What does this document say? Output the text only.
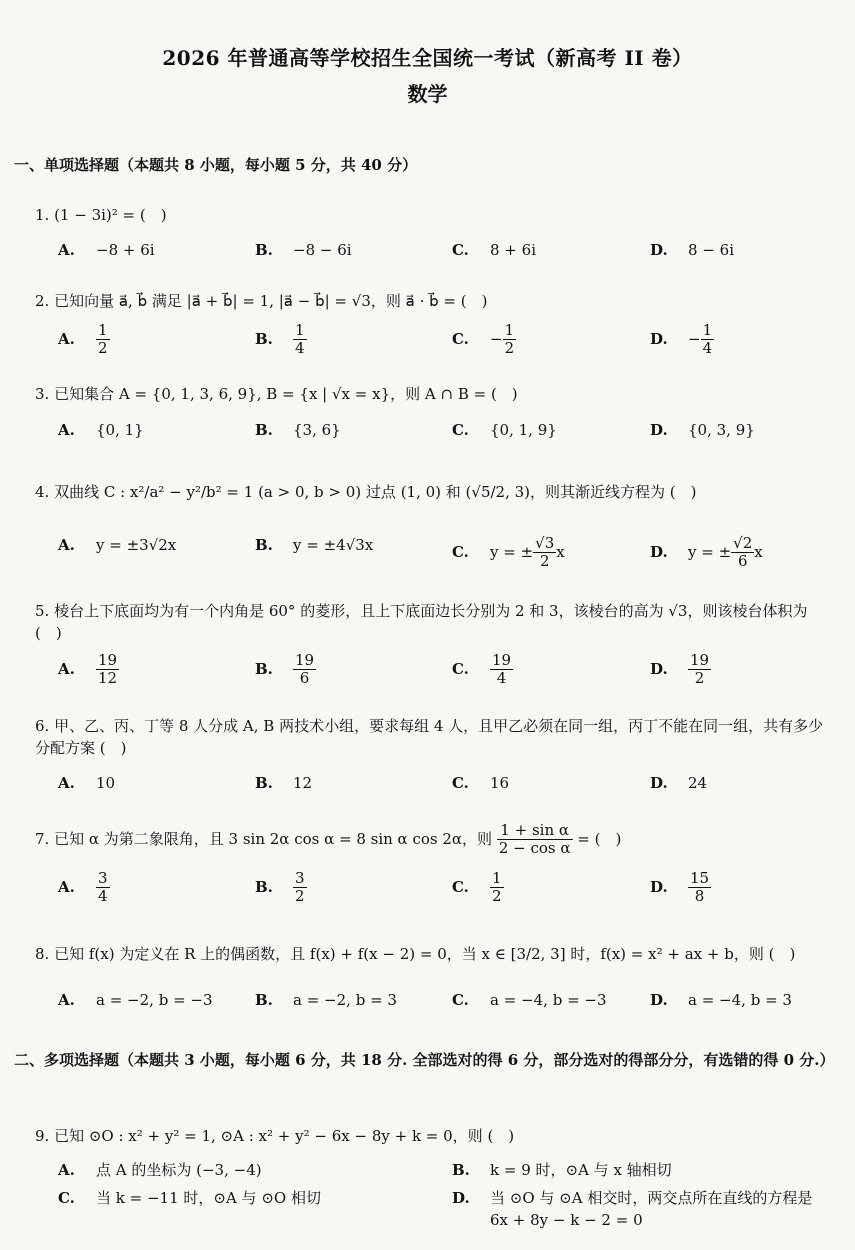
2026 年普通高等学校招生全国统一考试（新高考 II 卷）
数学
一、单项选择题（本题共 8 小题，每小题 5 分，共 40 分）
1. (1 − 3i)² = (　)
A. −8 + 6i	B. −8 − 6i	C. 8 + 6i	D. 8 − 6i
2. 已知向量 a⃗, b⃗ 满足 |a⃗ + b⃗| = 1, |a⃗ − b⃗| = √3，则 a⃗ · b⃗ = (　)
A. $\frac{1}{2}$	B. $\frac{1}{4}$	C. − $\frac{1}{2}$	D. − $\frac{1}{4}$
3. 已知集合 A = {0, 1, 3, 6, 9}, B = {x | √x = x}，则 A ∩ B = (　)
A. {0, 1}	B. {3, 6}	C. {0, 1, 9}	D. {0, 3, 9}
4. 双曲线 C : x²/a² − y²/b² = 1 (a > 0, b > 0) 过点 (1, 0) 和 (√5/2, 3)，则其渐近线方程为 (　)
A. y = ±3√2x	B. y = ±4√3x	C. y = ± $\frac{√3}{2}$ x	D. y = ± $\frac{√2}{6}$ x
5. 棱台上下底面均为有一个内角是 60° 的菱形，且上下底面边长分别为 2 和 3，该棱台的高为 √3，则该棱台体积为 (　)
A. $\frac{19}{12}$	B. $\frac{19}{6}$	C. $\frac{19}{4}$	D. $\frac{19}{2}$
6. 甲、乙、丙、丁等 8 人分成 A, B 两技术小组，要求每组 4 人，且甲乙必须在同一组，丙丁不能在同一组，共有多少分配方案 (　)
A. 10	B. 12	C. 16	D. 24
7. 已知 α 为第二象限角，且 3 sin 2α cos α = 8 sin α cos 2α，则 $\frac{\text{1 + sin α}}{\text{2 − cos α}}$ = (　)
A. $\frac{3}{4}$	B. $\frac{3}{2}$	C. $\frac{1}{2}$	D. $\frac{15}{8}$
8. 已知 f(x) 为定义在 R 上的偶函数，且 f(x) + f(x − 2) = 0，当 x ∈ [3/2, 3] 时，f(x) = x² + ax + b，则 (　)
A. a = −2, b = −3	B. a = −2, b = 3	C. a = −4, b = −3	D. a = −4, b = 3
二、多项选择题（本题共 3 小题，每小题 6 分，共 18 分. 全部选对的得 6 分，部分选对的得部分分，有选错的得 0 分.）
9. 已知 ⊙O : x² + y² = 1, ⊙A : x² + y² − 6x − 8y + k = 0，则 (　)
A. 点 A 的坐标为 (−3, −4)	B. k = 9 时，⊙A 与 x 轴相切
C. 当 k = −11 时，⊙A 与 ⊙O 相切	D.	当 ⊙O 与 ⊙A 相交时，两交点所在直线的方程是 6x + 8y − k − 2 = 0
